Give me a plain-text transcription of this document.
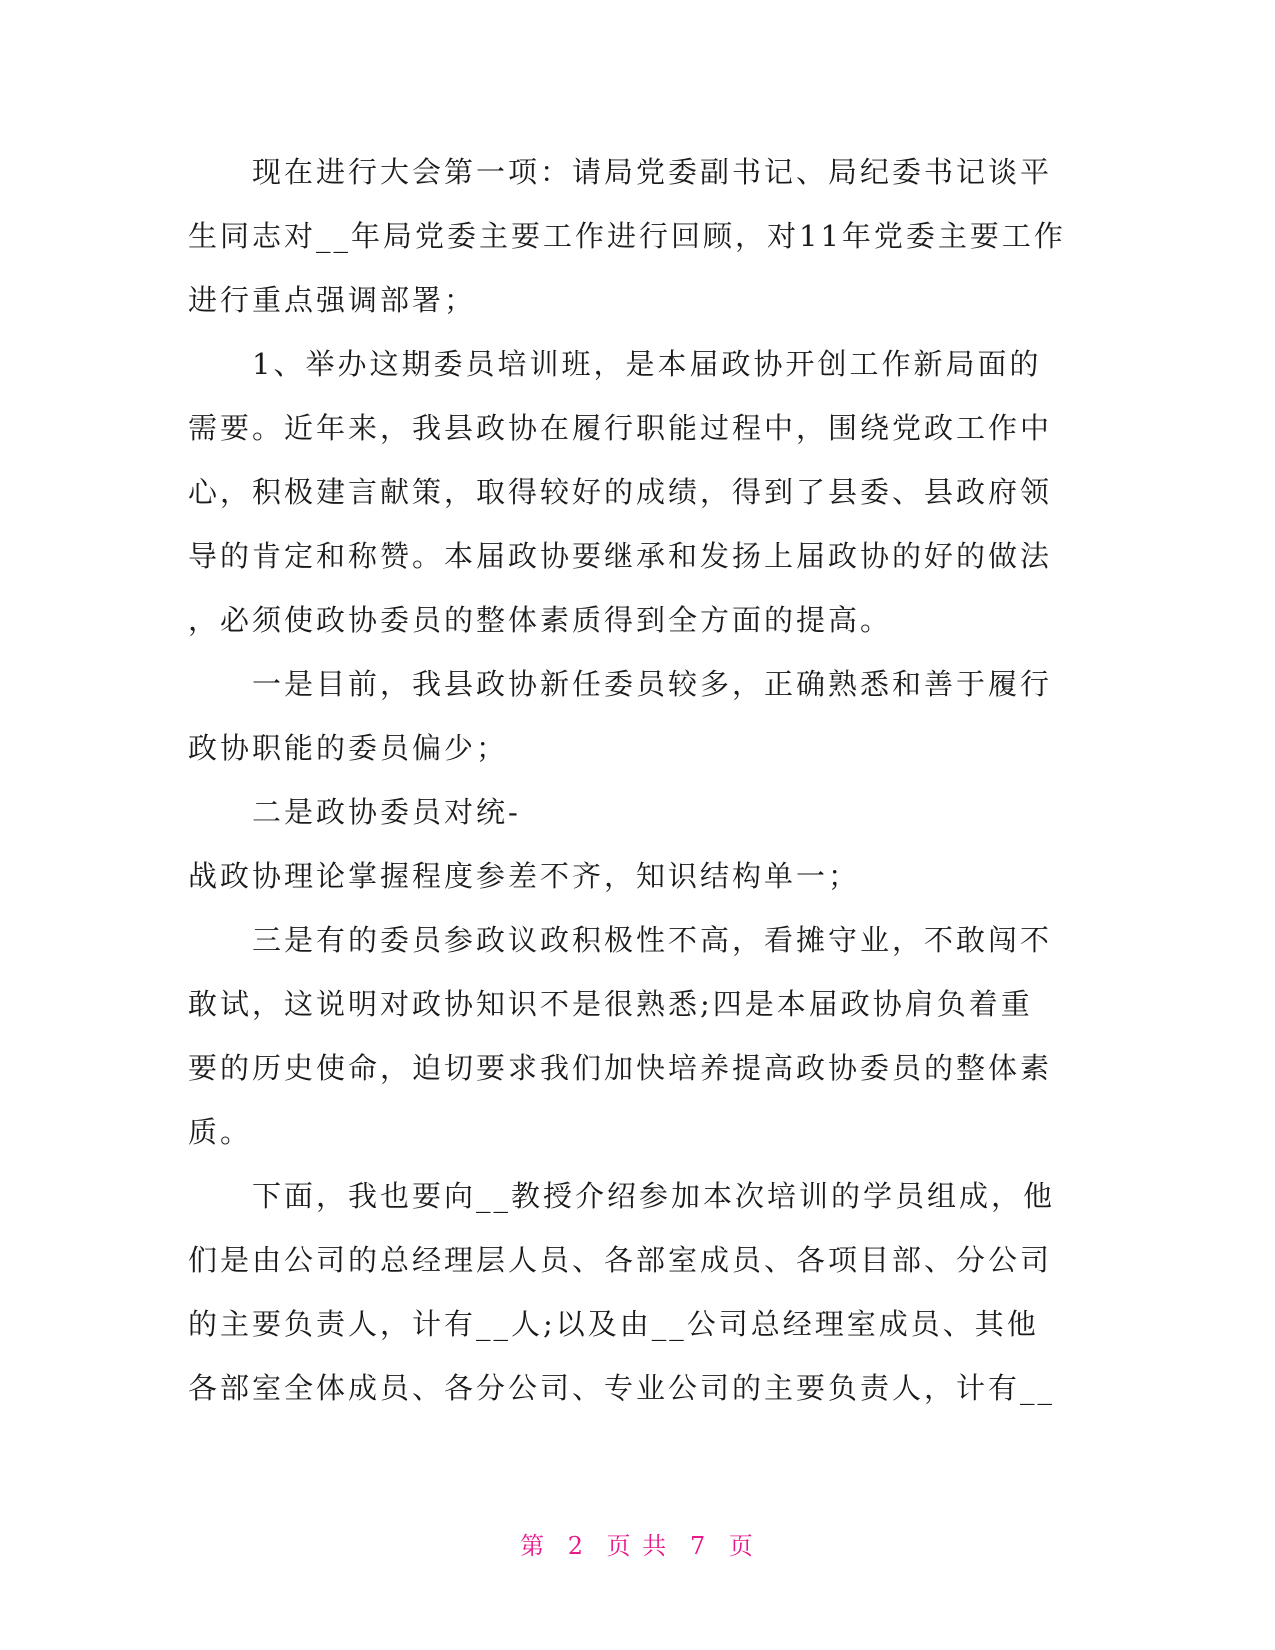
现在进行大会第一项：请局党委副书记、局纪委书记谈平
生同志对__年局党委主要工作进行回顾，对11年党委主要工作
进行重点强调部署；
1、举办这期委员培训班，是本届政协开创工作新局面的
需要。近年来，我县政协在履行职能过程中，围绕党政工作中
心，积极建言献策，取得较好的成绩，得到了县委、县政府领
导的肯定和称赞。本届政协要继承和发扬上届政协的好的做法
，必须使政协委员的整体素质得到全方面的提高。
一是目前，我县政协新任委员较多，正确熟悉和善于履行
政协职能的委员偏少；
二是政协委员对统-
战政协理论掌握程度参差不齐，知识结构单一；
三是有的委员参政议政积极性不高，看摊守业，不敢闯不
敢试，这说明对政协知识不是很熟悉;四是本届政协肩负着重
要的历史使命，迫切要求我们加快培养提高政协委员的整体素
质。
下面，我也要向__教授介绍参加本次培训的学员组成，他
们是由公司的总经理层人员、各部室成员、各项目部、分公司
的主要负责人，计有__人;以及由__公司总经理室成员、其他
各部室全体成员、各分公司、专业公司的主要负责人，计有__
第 2 页 共 7 页
